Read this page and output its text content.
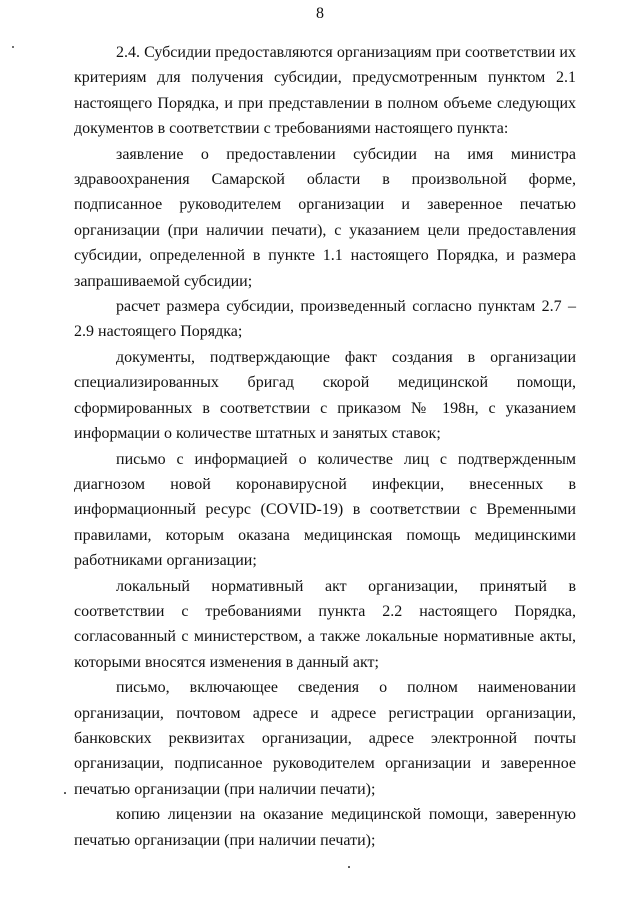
8

2.4. Субсидии предоставляются организациям при соответствии их критериям для получения субсидии, предусмотренным пунктом 2.1 настоящего Порядка, и при представлении в полном объеме следующих документов в соответствии с требованиями настоящего пункта:

заявление о предоставлении субсидии на имя министра здравоохранения Самарской области в произвольной форме, подписанное руководителем организации и заверенное печатью организации (при наличии печати), с указанием цели предоставления субсидии, определенной в пункте 1.1 настоящего Порядка, и размера запрашиваемой субсидии;

расчет размера субсидии, произведенный согласно пунктам 2.7 – 2.9 настоящего Порядка;

документы, подтверждающие факт создания в организации специализированных бригад скорой медицинской помощи, сформированных в соответствии с приказом № 198н, с указанием информации о количестве штатных и занятых ставок;

письмо с информацией о количестве лиц с подтвержденным диагнозом новой коронавирусной инфекции, внесенных в информационный ресурс (COVID-19) в соответствии с Временными правилами, которым оказана медицинская помощь медицинскими работниками организации;

локальный нормативный акт организации, принятый в соответствии с требованиями пункта 2.2 настоящего Порядка, согласованный с министерством, а также локальные нормативные акты, которыми вносятся изменения в данный акт;

письмо, включающее сведения о полном наименовании организации, почтовом адресе и адресе регистрации организации, банковских реквизитах организации, адресе электронной почты организации, подписанное руководителем организации и заверенное печатью организации (при наличии печати);

копию лицензии на оказание медицинской помощи, заверенную печатью организации (при наличии печати);
